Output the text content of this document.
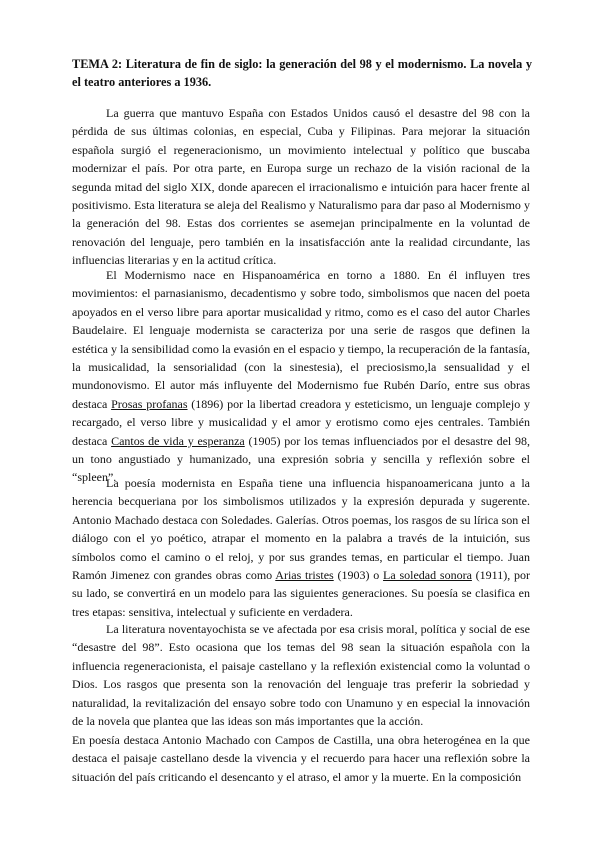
TEMA 2: Literatura de fin de siglo: la generación del 98 y el modernismo. La novela y el teatro anteriores a 1936.

La guerra que mantuvo España con Estados Unidos causó el desastre del 98 con la pérdida de sus últimas colonias, en especial, Cuba y Filipinas. Para mejorar la situación española surgió el regeneracionismo, un movimiento intelectual y político que buscaba modernizar el país. Por otra parte, en Europa surge un rechazo de la visión racional de la segunda mitad del siglo XIX, donde aparecen el irracionalismo e intuición para hacer frente al positivismo. Esta literatura se aleja del Realismo y Naturalismo para dar paso al Modernismo y la generación del 98. Estas dos corrientes se asemejan principalmente en la voluntad de renovación del lenguaje, pero también en la insatisfacción ante la realidad circundante, las influencias literarias y en la actitud crítica.

El Modernismo nace en Hispanoamérica en torno a 1880. En él influyen tres movimientos: el parnasianismo, decadentismo y sobre todo, simbolismos que nacen del poeta apoyados en el verso libre para aportar musicalidad y ritmo, como es el caso del autor Charles Baudelaire. El lenguaje modernista se caracteriza por una serie de rasgos que definen la estética y la sensibilidad como la evasión en el espacio y tiempo, la recuperación de la fantasía, la musicalidad, la sensorialidad (con la sinestesia), el preciosismo,la sensualidad y el mundonovismo. El autor más influyente del Modernismo fue Rubén Darío, entre sus obras destaca Prosas profanas (1896) por la libertad creadora y esteticismo, un lenguaje complejo y recargado, el verso libre y musicalidad y el amor y erotismo como ejes centrales. También destaca Cantos de vida y esperanza (1905) por los temas influenciados por el desastre del 98, un tono angustiado y humanizado, una expresión sobria y sencilla y reflexión sobre el “spleen”.

La poesía modernista en España tiene una influencia hispanoamericana junto a la herencia becqueriana por los simbolismos utilizados y la expresión depurada y sugerente. Antonio Machado destaca con Soledades. Galerías. Otros poemas, los rasgos de su lírica son el diálogo con el yo poético, atrapar el momento en la palabra a través de la intuición, sus símbolos como el camino o el reloj, y por sus grandes temas, en particular el tiempo. Juan Ramón Jimenez con grandes obras como Arias tristes (1903) o La soledad sonora (1911), por su lado, se convertirá en un modelo para las siguientes generaciones. Su poesía se clasifica en tres etapas: sensitiva, intelectual y suficiente en verdadera.

La literatura noventayochista se ve afectada por esa crisis moral, política y social de ese “desastre del 98”. Esto ocasiona que los temas del 98 sean la situación española con la influencia regeneracionista, el paisaje castellano y la reflexión existencial como la voluntad o Dios. Los rasgos que presenta son la renovación del lenguaje tras preferir la sobriedad y naturalidad, la revitalización del ensayo sobre todo con Unamuno y en especial la innovación de la novela que plantea que las ideas son más importantes que la acción.

En poesía destaca Antonio Machado con Campos de Castilla, una obra heterogénea en la que destaca el paisaje castellano desde la vivencia y el recuerdo para hacer una reflexión sobre la situación del país criticando el desencanto y el atraso, el amor y la muerte. En la composición
